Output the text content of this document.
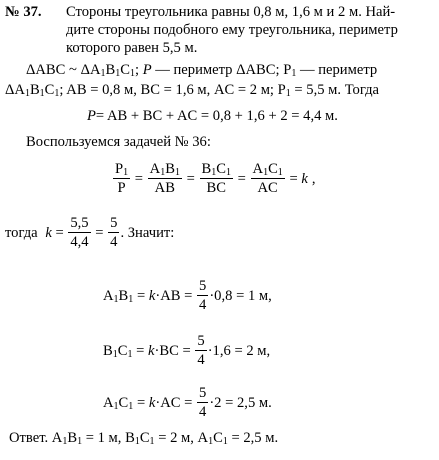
№ 37. Стороны треугольника равны 0,8 м, 1,6 м и 2 м. Най-
дите стороны подобного ему треугольника, периметр
которого равен 5,5 м.
ΔABC ~ $\Delta A_1B_1C_1$; P — периметр ΔABC; $P_1$ — периметр
$\Delta A_1B_1C_1$; AB = 0,8 м, BC = 1,6 м, AC = 2 м; $P_1 = 5,5$ м. Тогда
P= AB + BC + AC = 0,8 + 1,6 + 2 = 4,4 м.
Воспользуемся задачей № 36:
$\frac{P_1}{P} = \frac{A_1B_1}{AB} = \frac{B_1C_1}{BC} = \frac{A_1C_1}{AC} = k$ ,
тогда $k = \frac{5,5}{4,4} = \frac{5}{4}$ . Значит:
$A_1B_1 = k\cdot AB = \frac{5}{4} \cdot 0,8 = 1$ м,
$B_1C_1 = k\cdot BC = \frac{5}{4} \cdot 1,6 = 2$ м,
$A_1C_1 = k\cdot AC = \frac{5}{4} \cdot 2 = 2,5$ м.
Ответ. $A_1B_1 = 1$ м, $B_1C_1 = 2$ м, $A_1C_1 = 2,5$ м.
